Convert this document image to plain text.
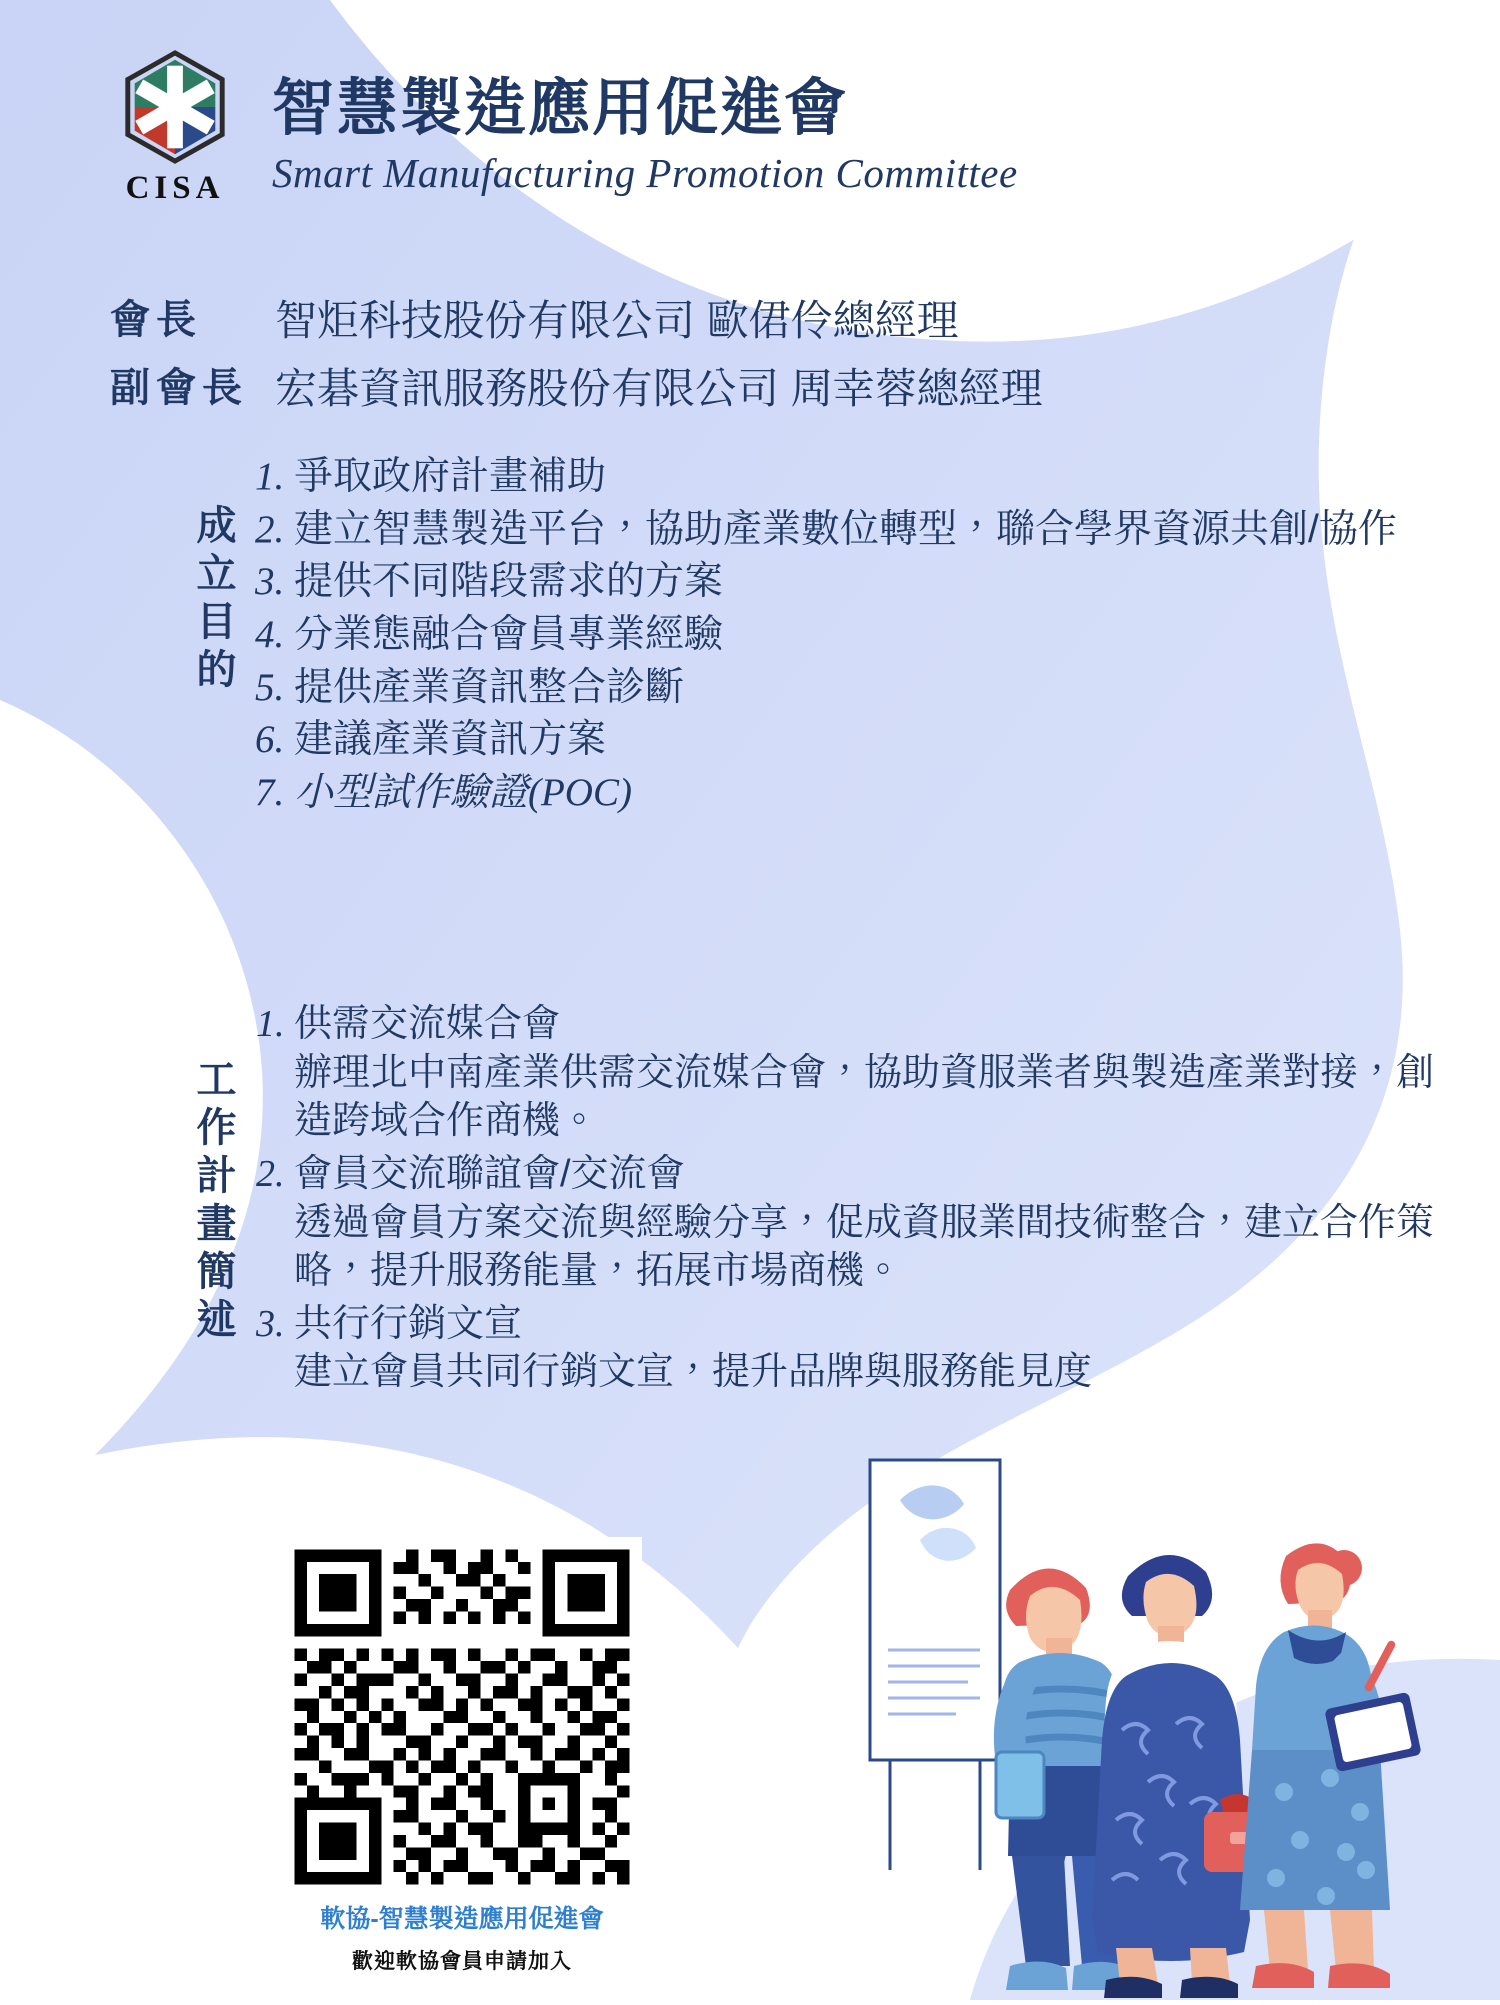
CISA
智慧製造應用促進會
Smart Manufacturing Promotion Committee
會長	智炬科技股份有限公司 歐侰伶總經理
副會長 宏碁資訊服務股份有限公司 周幸蓉總經理
成立目的
1. 爭取政府計畫補助
2. 建立智慧製造平台，協助產業數位轉型，聯合學界資源共創/協作
3. 提供不同階段需求的方案
4. 分業態融合會員專業經驗
5. 提供產業資訊整合診斷
6. 建議產業資訊方案
7. 小型試作驗證(POC)
工作計畫簡述
1. 供需交流媒合會
辦理北中南產業供需交流媒合會，協助資服業者與製造產業對接，創造跨域合作商機。
2. 會員交流聯誼會/交流會
透過會員方案交流與經驗分享，促成資服業間技術整合，建立合作策略，提升服務能量，拓展市場商機。
3. 共行行銷文宣
建立會員共同行銷文宣，提升品牌與服務能見度
軟協-智慧製造應用促進會
歡迎軟協會員申請加入
